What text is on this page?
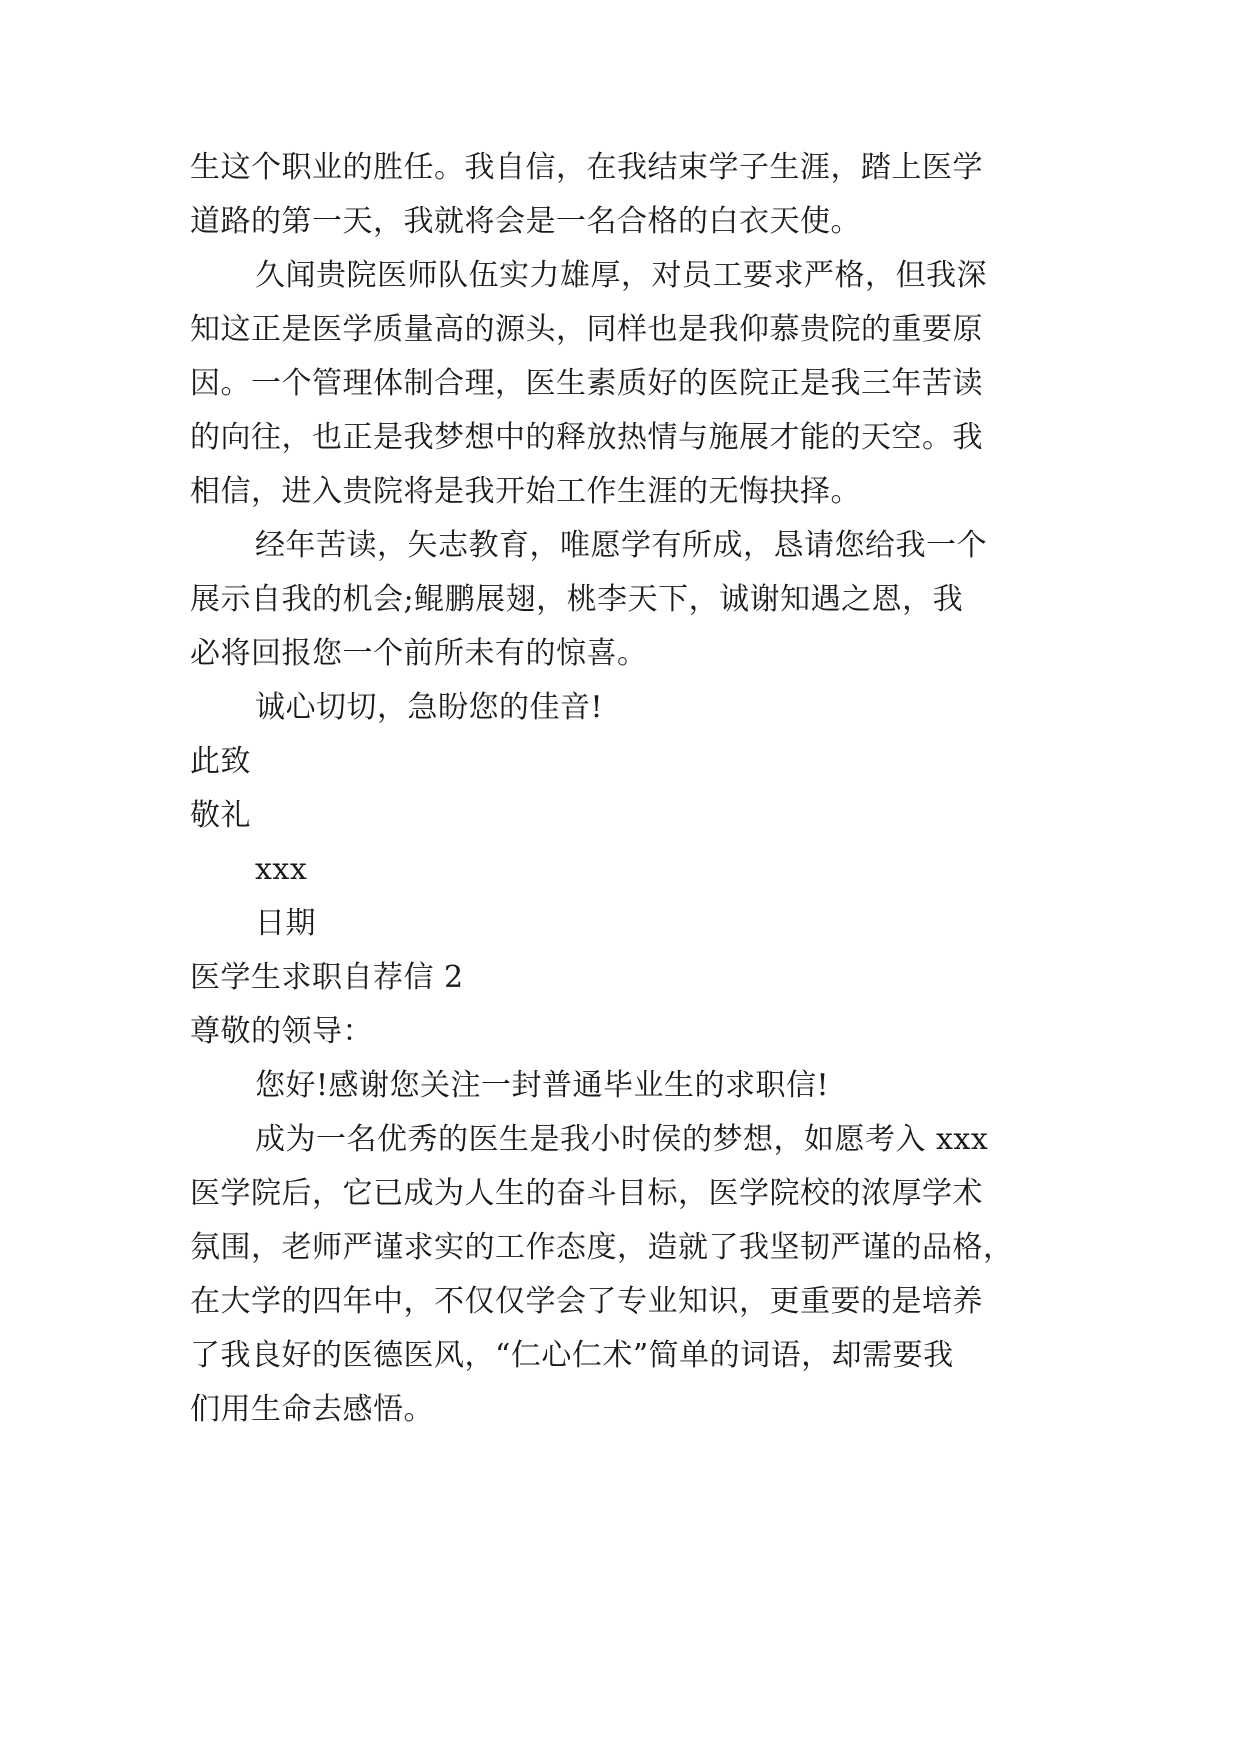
生这个职业的胜任。我自信，在我结束学子生涯，踏上医学
道路的第一天，我就将会是一名合格的白衣天使。
久闻贵院医师队伍实力雄厚，对员工要求严格，但我深
知这正是医学质量高的源头，同样也是我仰慕贵院的重要原
因。一个管理体制合理，医生素质好的医院正是我三年苦读
的向往，也正是我梦想中的释放热情与施展才能的天空。我
相信，进入贵院将是我开始工作生涯的无悔抉择。
经年苦读，矢志教育，唯愿学有所成，恳请您给我一个
展示自我的机会;鲲鹏展翅，桃李天下，诚谢知遇之恩，我
必将回报您一个前所未有的惊喜。
诚心切切，急盼您的佳音!
此致
敬礼
xxx
日期
医学生求职自荐信 2
尊敬的领导：
您好!感谢您关注一封普通毕业生的求职信!
成为一名优秀的医生是我小时侯的梦想，如愿考入 xxx
医学院后，它已成为人生的奋斗目标，医学院校的浓厚学术
氛围，老师严谨求实的工作态度，造就了我坚韧严谨的品格，
在大学的四年中，不仅仅学会了专业知识，更重要的是培养
了我良好的医德医风，“仁心仁术”简单的词语，却需要我
们用生命去感悟。
